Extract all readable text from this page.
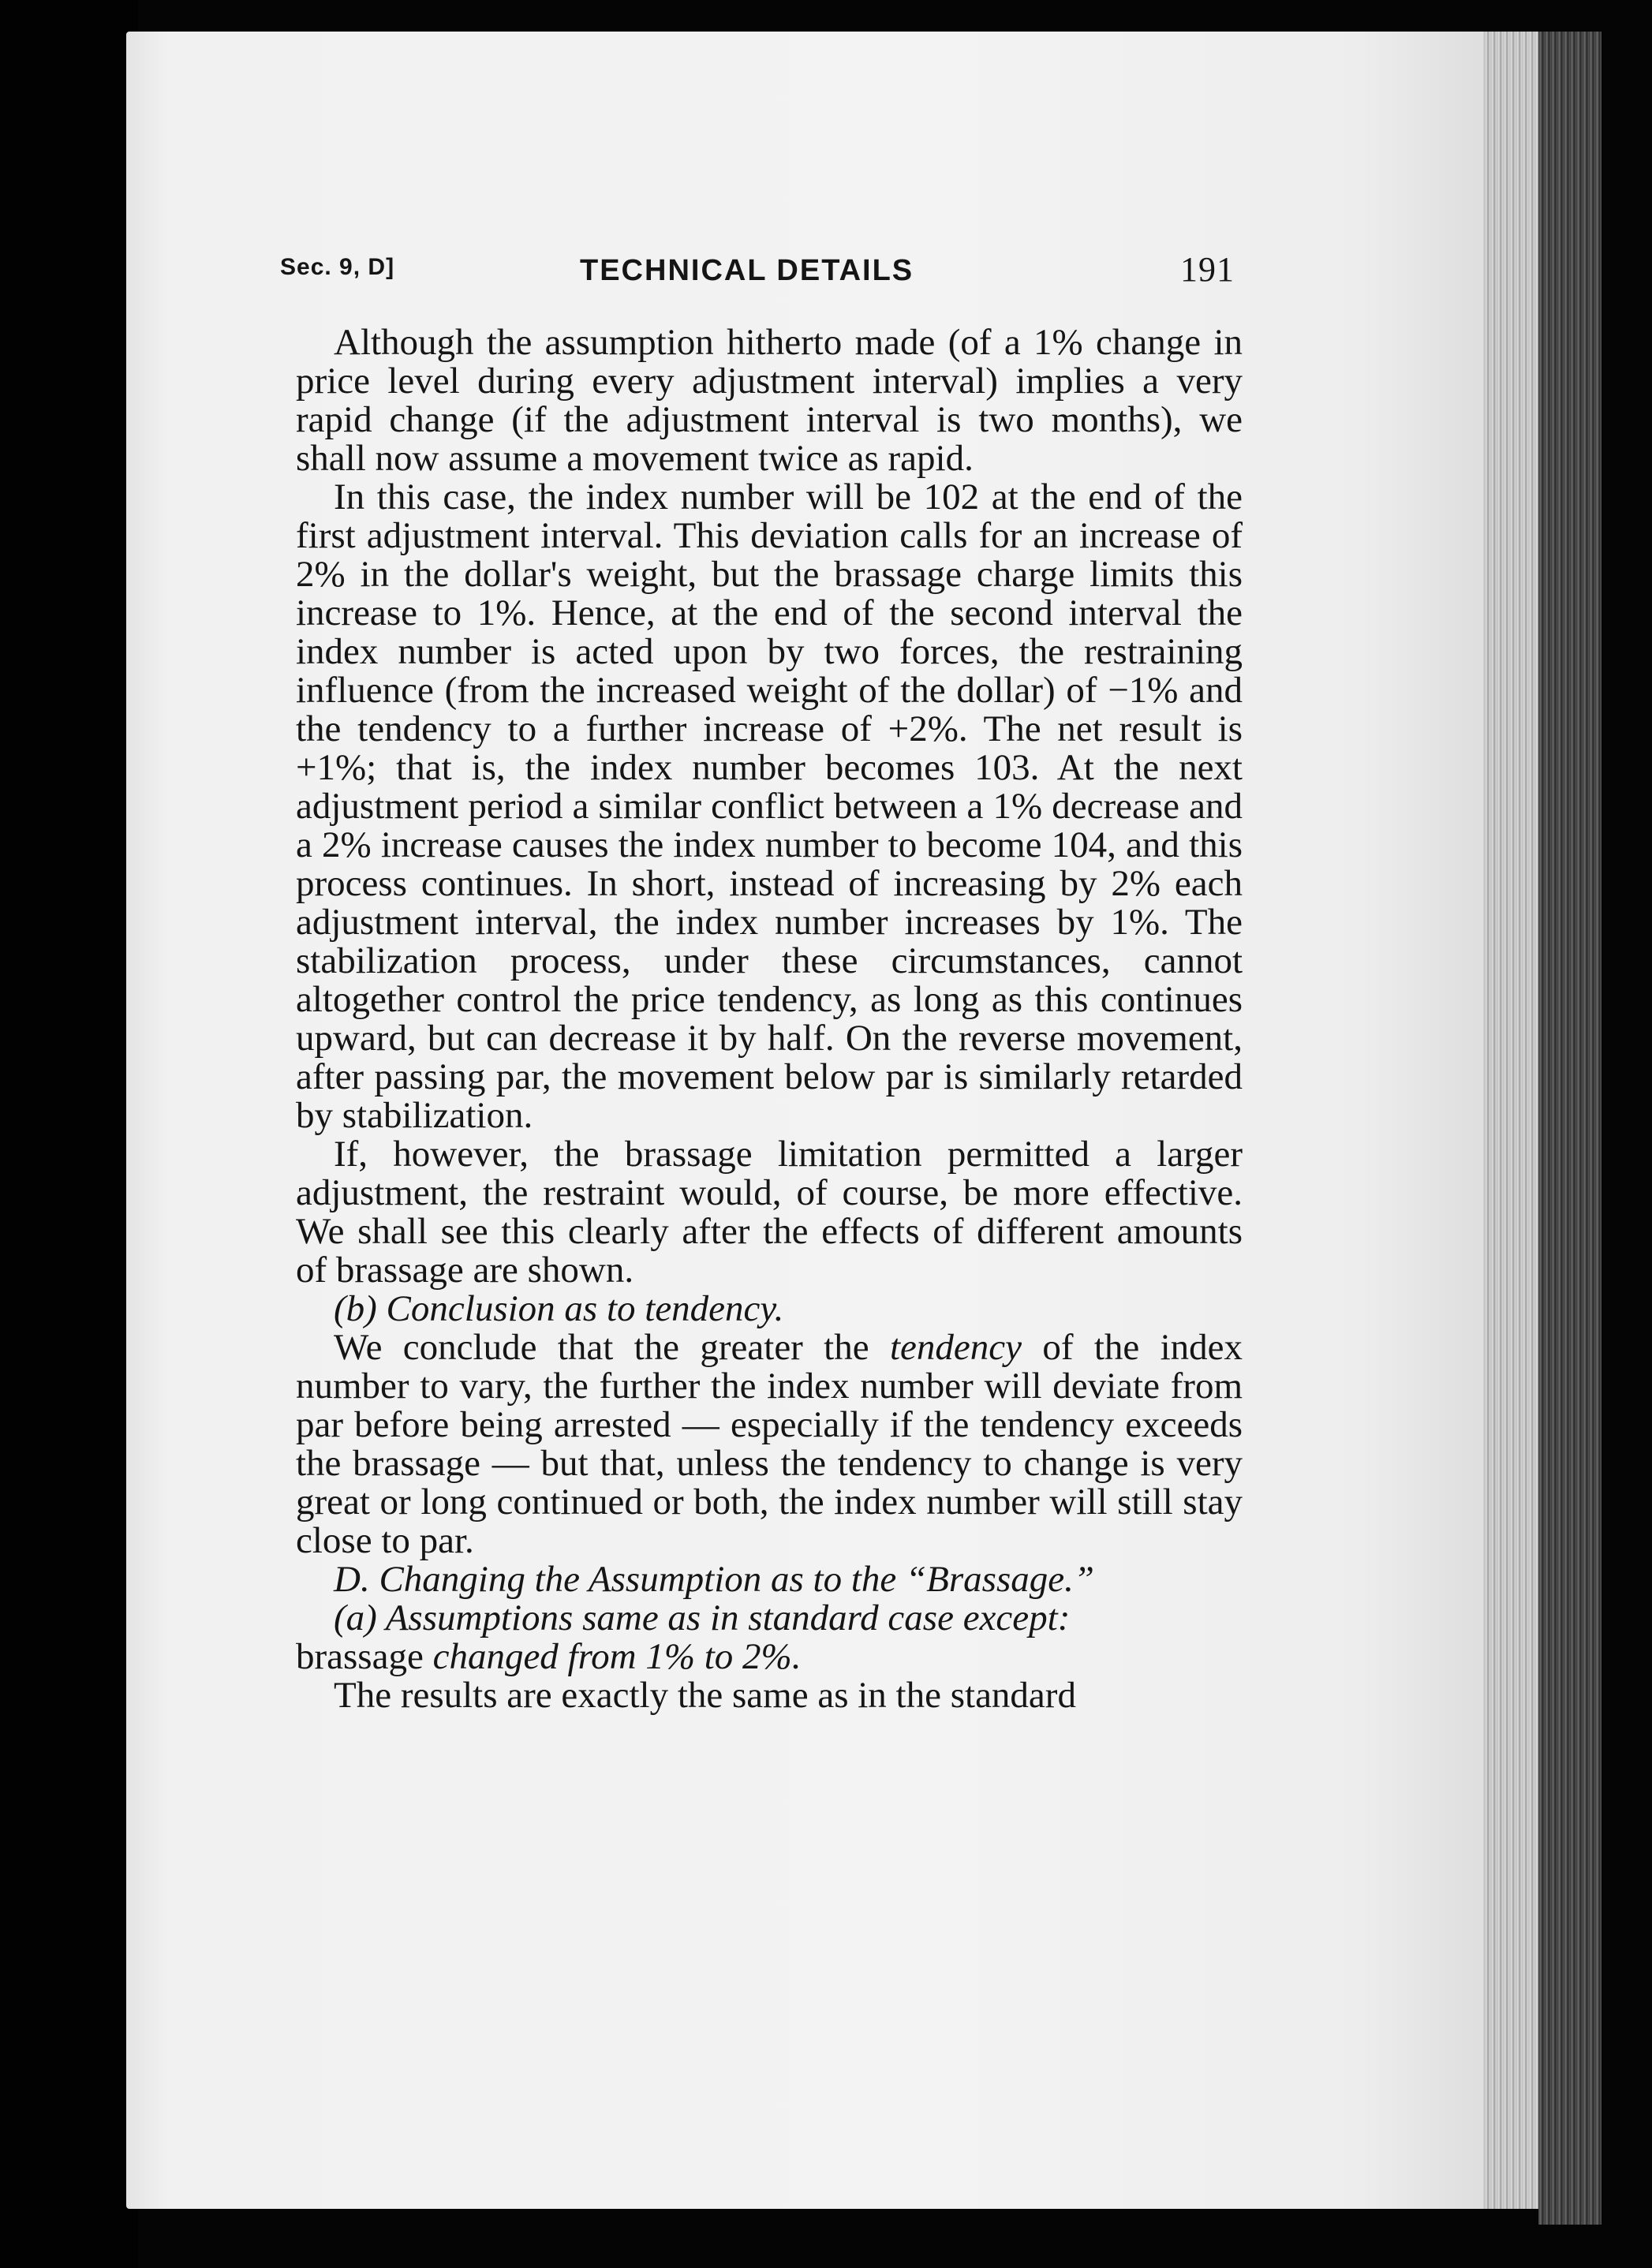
Sec. 9, D]	TECHNICAL DETAILS	191

Although the assumption hitherto made (of a 1% change in price level during every adjustment interval) implies a very rapid change (if the adjustment interval is two months), we shall now assume a movement twice as rapid.

In this case, the index number will be 102 at the end of the first adjustment interval. This deviation calls for an increase of 2% in the dollar's weight, but the brassage charge limits this increase to 1%. Hence, at the end of the second interval the index number is acted upon by two forces, the restraining influence (from the increased weight of the dollar) of −1% and the tendency to a further increase of +2%. The net result is +1%; that is, the index number becomes 103. At the next adjustment period a similar conflict between a 1% decrease and a 2% increase causes the index number to become 104, and this process continues. In short, instead of increasing by 2% each adjustment interval, the index number increases by 1%. The stabilization process, under these circumstances, cannot altogether control the price tendency, as long as this continues upward, but can decrease it by half. On the reverse movement, after passing par, the movement below par is similarly retarded by stabilization.

If, however, the brassage limitation permitted a larger adjustment, the restraint would, of course, be more effective. We shall see this clearly after the effects of different amounts of brassage are shown.

(b) Conclusion as to tendency.

We conclude that the greater the tendency of the index number to vary, the further the index number will deviate from par before being arrested — especially if the tendency exceeds the brassage — but that, unless the tendency to change is very great or long continued or both, the index number will still stay close to par.

D. Changing the Assumption as to the “Brassage.”

(a) Assumptions same as in standard case except:

brassage changed from 1% to 2%.

The results are exactly the same as in the standard
